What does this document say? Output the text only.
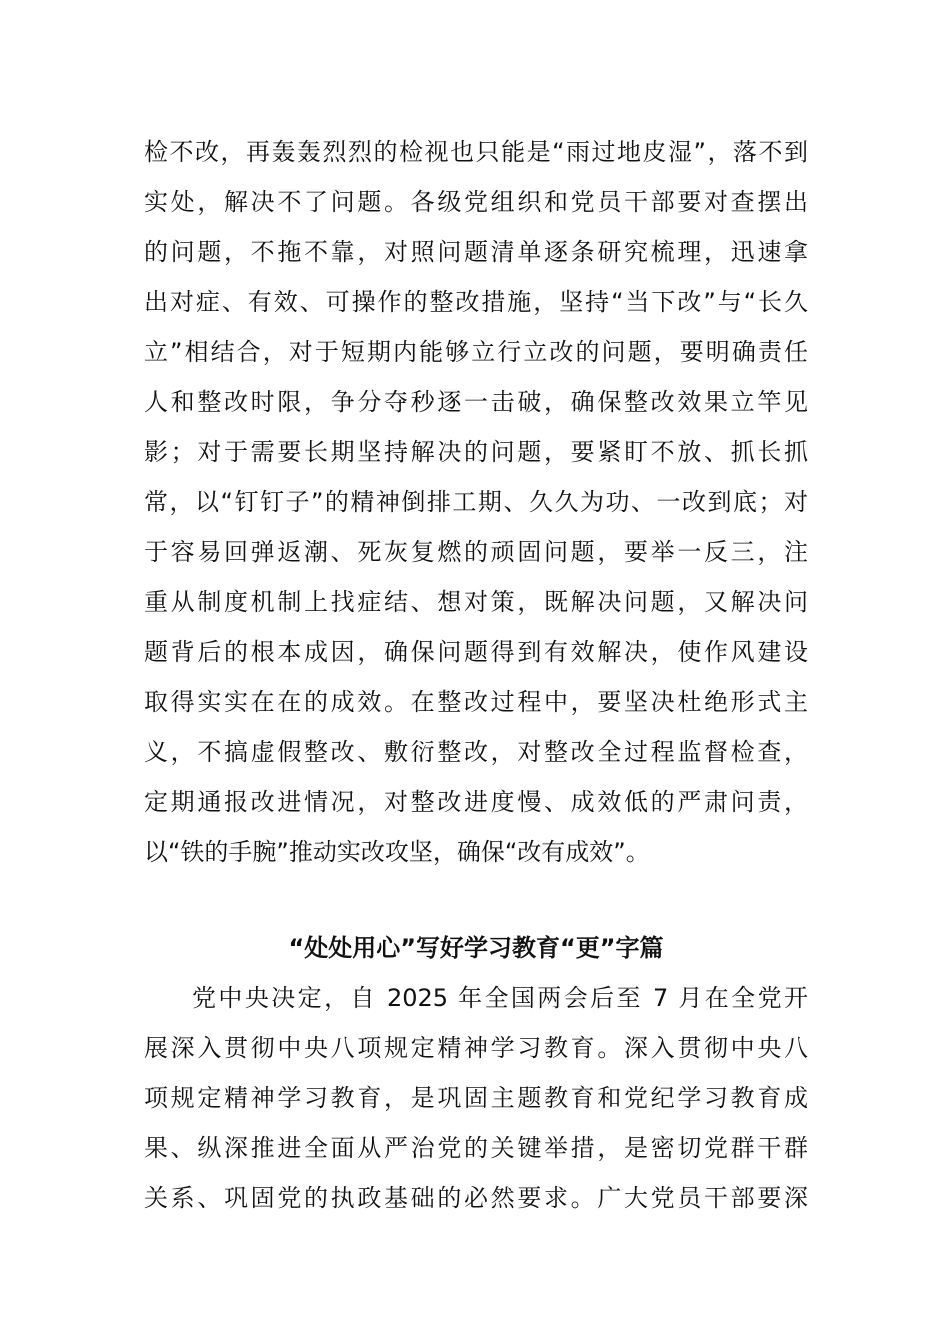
检不改，再轰轰烈烈的检视也只能是“雨过地皮湿”，落不到
实处，解决不了问题。各级党组织和党员干部要对查摆出
的问题，不拖不靠，对照问题清单逐条研究梳理，迅速拿
出对症、有效、可操作的整改措施，坚持“当下改”与“长久
立”相结合，对于短期内能够立行立改的问题，要明确责任
人和整改时限，争分夺秒逐一击破，确保整改效果立竿见
影；对于需要长期坚持解决的问题，要紧盯不放、抓长抓
常，以“钉钉子”的精神倒排工期、久久为功、一改到底；对
于容易回弹返潮、死灰复燃的顽固问题，要举一反三，注
重从制度机制上找症结、想对策，既解决问题，又解决问
题背后的根本成因，确保问题得到有效解决，使作风建设
取得实实在在的成效。在整改过程中，要坚决杜绝形式主
义，不搞虚假整改、敷衍整改，对整改全过程监督检查，
定期通报改进情况，对整改进度慢、成效低的严肃问责，
以“铁的手腕”推动实改攻坚，确保“改有成效”。
“处处用心”写好学习教育“更”字篇
党中央决定，自 2025 年全国两会后至 7 月在全党开
展深入贯彻中央八项规定精神学习教育。深入贯彻中央八
项规定精神学习教育，是巩固主题教育和党纪学习教育成
果、纵深推进全面从严治党的关键举措，是密切党群干群
关系、巩固党的执政基础的必然要求。广大党员干部要深
